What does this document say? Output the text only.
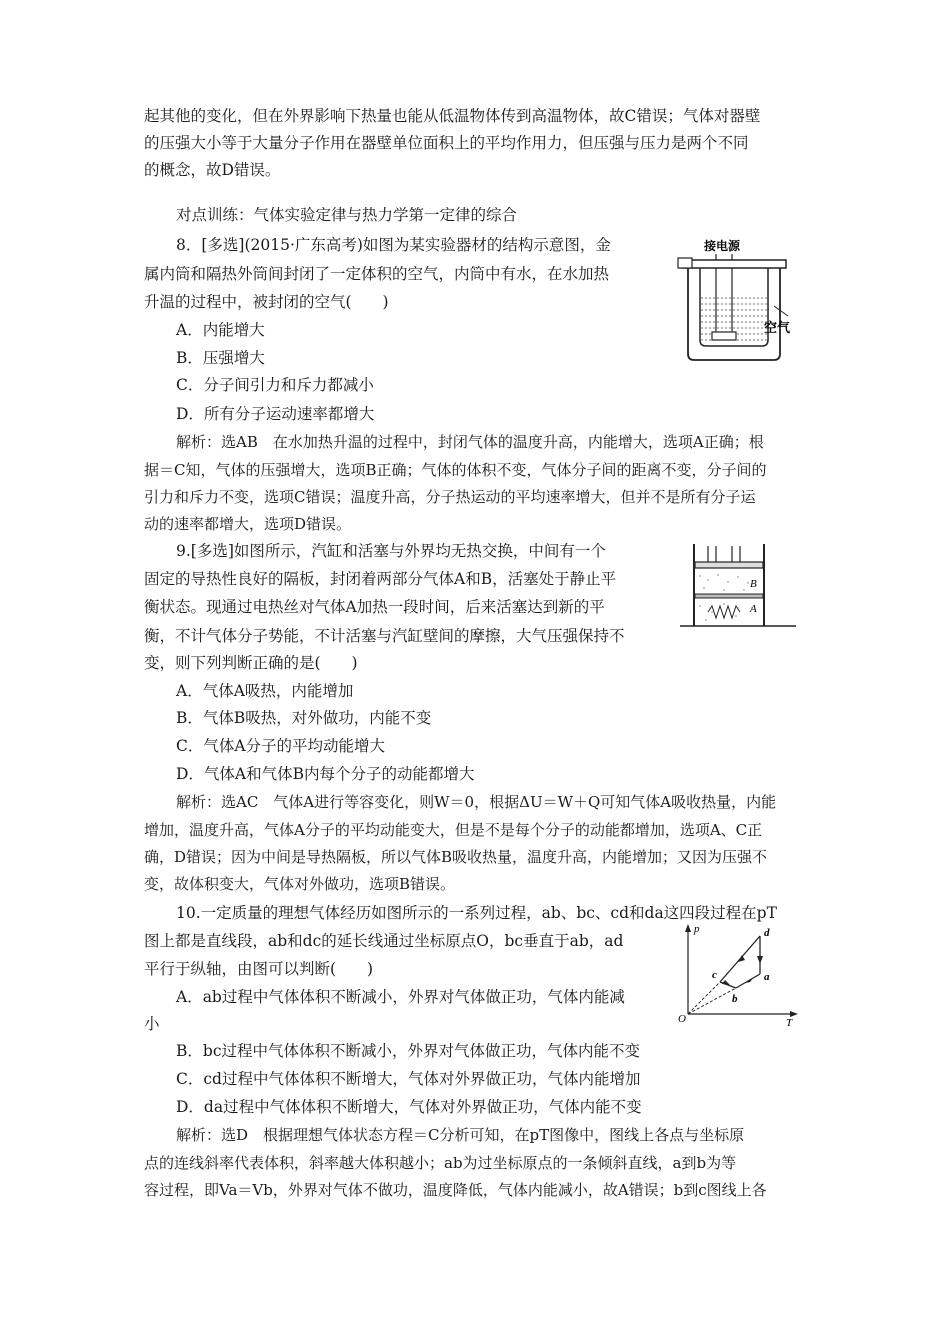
起其他的变化，但在外界影响下热量也能从低温物体传到高温物体，故C错误；气体对器壁
的压强大小等于大量分子作用在器壁单位面积上的平均作用力，但压强与压力是两个不同
的概念，故D错误。
对点训练：气体实验定律与热力学第一定律的综合
8．[多选](2015·广东高考)如图为某实验器材的结构示意图，金
属内筒和隔热外筒间封闭了一定体积的空气，内筒中有水，在水加热
升温的过程中，被封闭的空气(　　)
A．内能增大
B．压强增大
C．分子间引力和斥力都减小
D．所有分子运动速率都增大
解析：选AB　在水加热升温的过程中，封闭气体的温度升高，内能增大，选项A正确；根
据＝C知，气体的压强增大，选项B正确；气体的体积不变，气体分子间的距离不变，分子间的
引力和斥力不变，选项C错误；温度升高，分子热运动的平均速率增大，但并不是所有分子运
动的速率都增大，选项D错误。
接电源
空气
9.[多选]如图所示，汽缸和活塞与外界均无热交换，中间有一个
固定的导热性良好的隔板，封闭着两部分气体A和B，活塞处于静止平
衡状态。现通过电热丝对气体A加热一段时间，后来活塞达到新的平
衡，不计气体分子势能，不计活塞与汽缸壁间的摩擦，大气压强保持不
变，则下列判断正确的是(　　)
A．气体A吸热，内能增加
B．气体B吸热，对外做功，内能不变
C．气体A分子的平均动能增大
D．气体A和气体B内每个分子的动能都增大
解析：选AC　气体A进行等容变化，则W＝0，根据ΔU＝W＋Q可知气体A吸收热量，内能
增加，温度升高，气体A分子的平均动能变大，但是不是每个分子的动能都增加，选项A、C正
确，D错误；因为中间是导热隔板，所以气体B吸收热量，温度升高，内能增加；又因为压强不
变，故体积变大，气体对外做功，选项B错误。
B
A
10.一定质量的理想气体经历如图所示的一系列过程，ab、bc、cd和da这四段过程在pT
图上都是直线段，ab和dc的延长线通过坐标原点O，bc垂直于ab，ad
平行于纵轴，由图可以判断(　　)
A．ab过程中气体体积不断减小，外界对气体做正功，气体内能减
小
B．bc过程中气体体积不断减小，外界对气体做正功，气体内能不变
C．cd过程中气体体积不断增大，气体对外界做正功，气体内能增加
D．da过程中气体体积不断增大，气体对外界做正功，气体内能不变
解析：选D　根据理想气体状态方程＝C分析可知，在pT图像中，图线上各点与坐标原
点的连线斜率代表体积，斜率越大体积越小；ab为过坐标原点的一条倾斜直线，a到b为等
容过程，即Va＝Vb，外界对气体不做功，温度降低，气体内能减小，故A错误；b到c图线上各
p
T
O
d
c	a
b
